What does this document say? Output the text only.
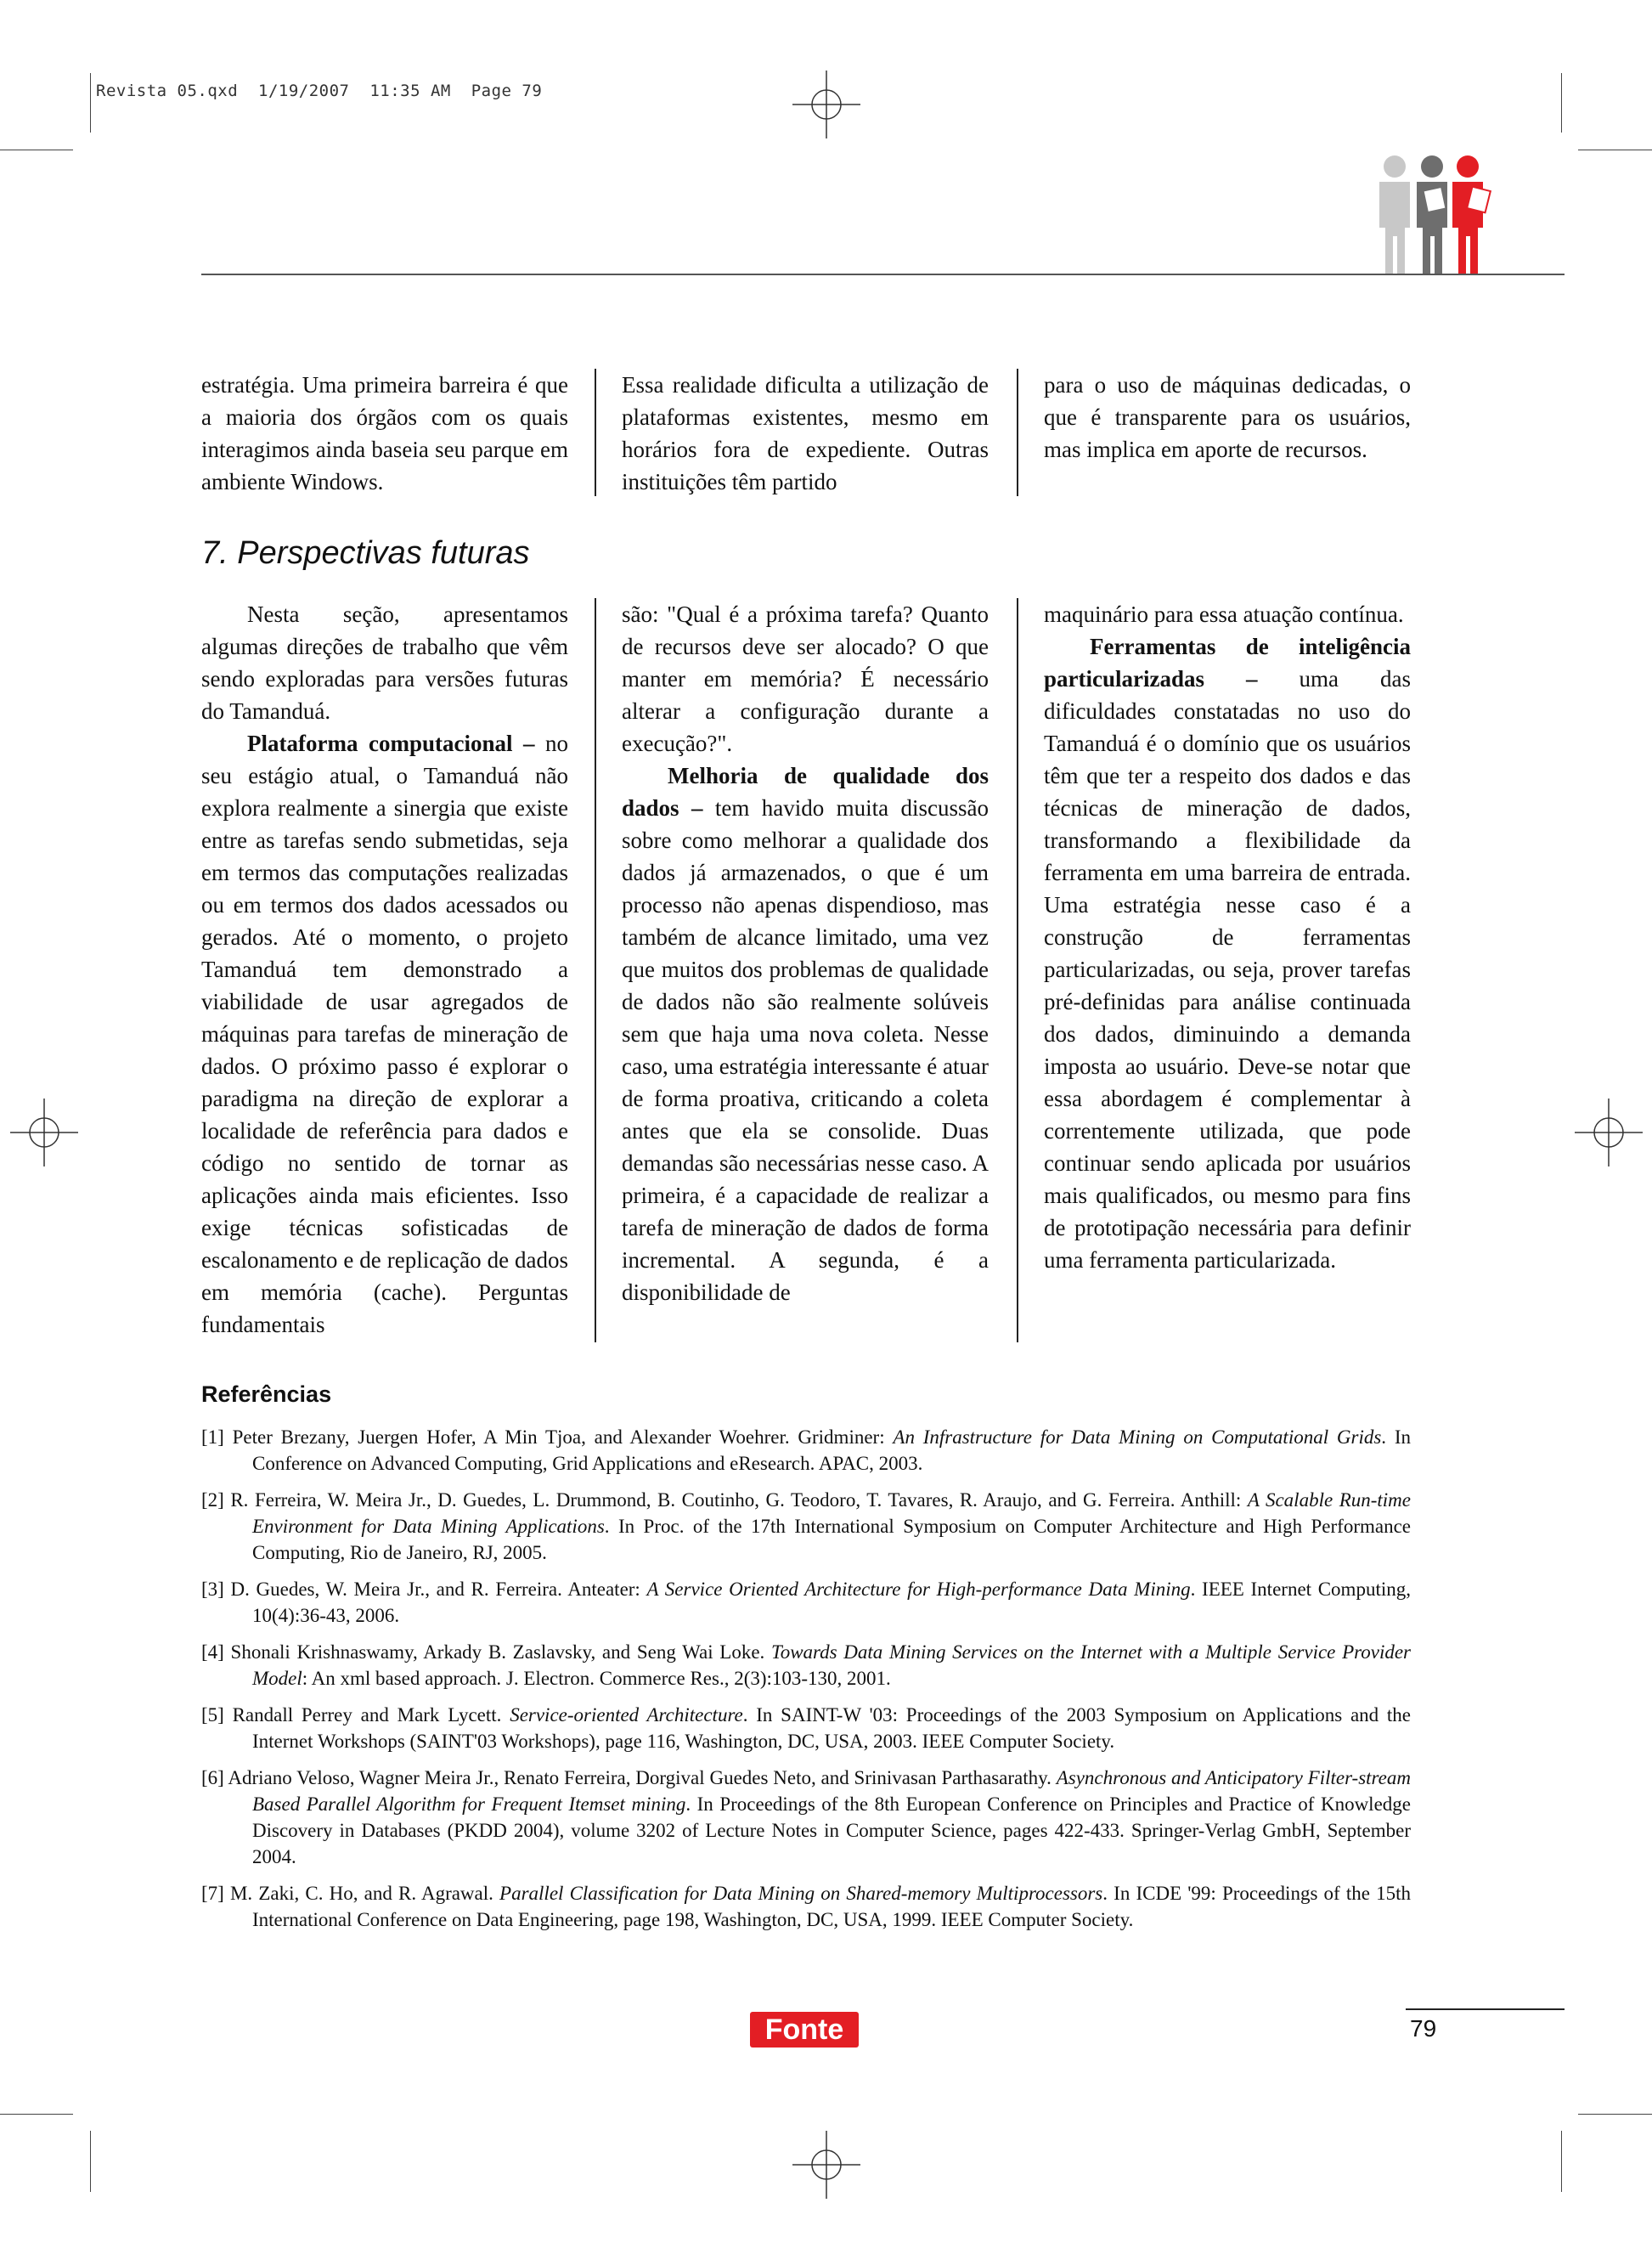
Revista 05.qxd  1/19/2007  11:35 AM  Page 79
estratégia. Uma primeira barreira é que a maioria dos órgãos com os quais interagimos ainda baseia seu parque em ambiente Windows.
Essa realidade dificulta a utilização de plataformas existentes, mesmo em horários fora de expediente. Outras instituições têm partido
para o uso de máquinas dedicadas, o que é transparente para os usuários, mas implica em aporte de recursos.
7. Perspectivas futuras

Nesta seção, apresentamos algumas direções de trabalho que vêm sendo exploradas para versões futuras do Tamanduá.

Plataforma computacional – no seu estágio atual, o Tamanduá não explora realmente a sinergia que existe entre as tarefas sendo submetidas, seja em termos das computações realizadas ou em termos dos dados acessados ou gerados. Até o momento, o projeto Tamanduá tem demonstrado a viabilidade de usar agregados de máquinas para tarefas de mineração de dados. O próximo passo é explorar o paradigma na direção de explorar a localidade de referência para dados e código no sentido de tornar as aplicações ainda mais eficientes. Isso exige técnicas sofisticadas de escalonamento e de replicação de dados em memória (cache). Perguntas fundamentais

são: "Qual é a próxima tarefa? Quanto de recursos deve ser alocado? O que manter em memória? É necessário alterar a configuração durante a execução?".

Melhoria de qualidade dos dados – tem havido muita discussão sobre como melhorar a qualidade dos dados já armazenados, o que é um processo não apenas dispendioso, mas também de alcance limitado, uma vez que muitos dos problemas de qualidade de dados não são realmente solúveis sem que haja uma nova coleta. Nesse caso, uma estratégia interessante é atuar de forma proativa, criticando a coleta antes que ela se consolide. Duas demandas são necessárias nesse caso. A primeira, é a capacidade de realizar a tarefa de mineração de dados de forma incremental. A segunda, é a disponibilidade de

maquinário para essa atuação contínua.

Ferramentas de inteligência particularizadas – uma das dificuldades constatadas no uso do Tamanduá é o domínio que os usuários têm que ter a respeito dos dados e das técnicas de mineração de dados, transformando a flexibilidade da ferramenta em uma barreira de entrada. Uma estratégia nesse caso é a construção de ferramentas particularizadas, ou seja, prover tarefas pré-definidas para análise continuada dos dados, diminuindo a demanda imposta ao usuário. Deve-se notar que essa abordagem é complementar à correntemente utilizada, que pode continuar sendo aplicada por usuários mais qualificados, ou mesmo para fins de prototipação necessária para definir uma ferramenta particularizada.

Referências

[1] Peter Brezany, Juergen Hofer, A Min Tjoa, and Alexander Woehrer. Gridminer: An Infrastructure for Data Mining on Computational Grids. In Conference on Advanced Computing, Grid Applications and eResearch. APAC, 2003.

[2] R. Ferreira, W. Meira Jr., D. Guedes, L. Drummond, B. Coutinho, G. Teodoro, T. Tavares, R. Araujo, and G. Ferreira. Anthill: A Scalable Run-time Environment for Data Mining Applications. In Proc. of the 17th International Symposium on Computer Architecture and High Performance Computing, Rio de Janeiro, RJ, 2005.

[3] D. Guedes, W. Meira Jr., and R. Ferreira. Anteater: A Service Oriented Architecture for High-performance Data Mining. IEEE Internet Computing, 10(4):36-43, 2006.

[4] Shonali Krishnaswamy, Arkady B. Zaslavsky, and Seng Wai Loke. Towards Data Mining Services on the Internet with a Multiple Service Provider Model: An xml based approach. J. Electron. Commerce Res., 2(3):103-130, 2001.

[5] Randall Perrey and Mark Lycett. Service-oriented Architecture. In SAINT-W '03: Proceedings of the 2003 Symposium on Applications and the Internet Workshops (SAINT'03 Workshops), page 116, Washington, DC, USA, 2003. IEEE Computer Society.

[6] Adriano Veloso, Wagner Meira Jr., Renato Ferreira, Dorgival Guedes Neto, and Srinivasan Parthasarathy. Asynchronous and Anticipatory Filter-stream Based Parallel Algorithm for Frequent Itemset mining. In Proceedings of the 8th European Conference on Principles and Practice of Knowledge Discovery in Databases (PKDD 2004), volume 3202 of Lecture Notes in Computer Science, pages 422-433. Springer-Verlag GmbH, September 2004.

[7] M. Zaki, C. Ho, and R. Agrawal. Parallel Classification for Data Mining on Shared-memory Multiprocessors. In ICDE '99: Proceedings of the 15th International Conference on Data Engineering, page 198, Washington, DC, USA, 1999. IEEE Computer Society.

Fonte	79
